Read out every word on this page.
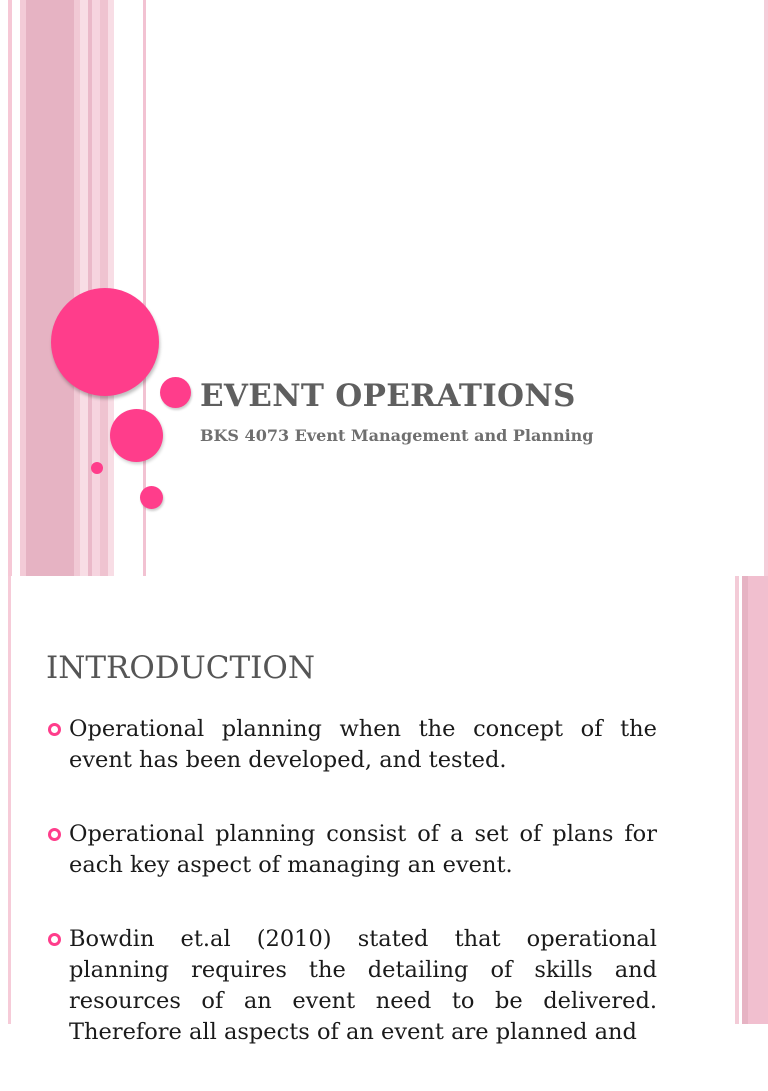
EVENT OPERATIONS

BKS 4073 Event Management and Planning

INTRODUCTION
Operational planning when the concept of the event has been developed, and tested.
Operational planning consist of a set of plans for each key aspect of managing an event.
Bowdin et.al (2010) stated that operational planning requires the detailing of skills and resources of an event need to be delivered. Therefore all aspects of an event are planned and
